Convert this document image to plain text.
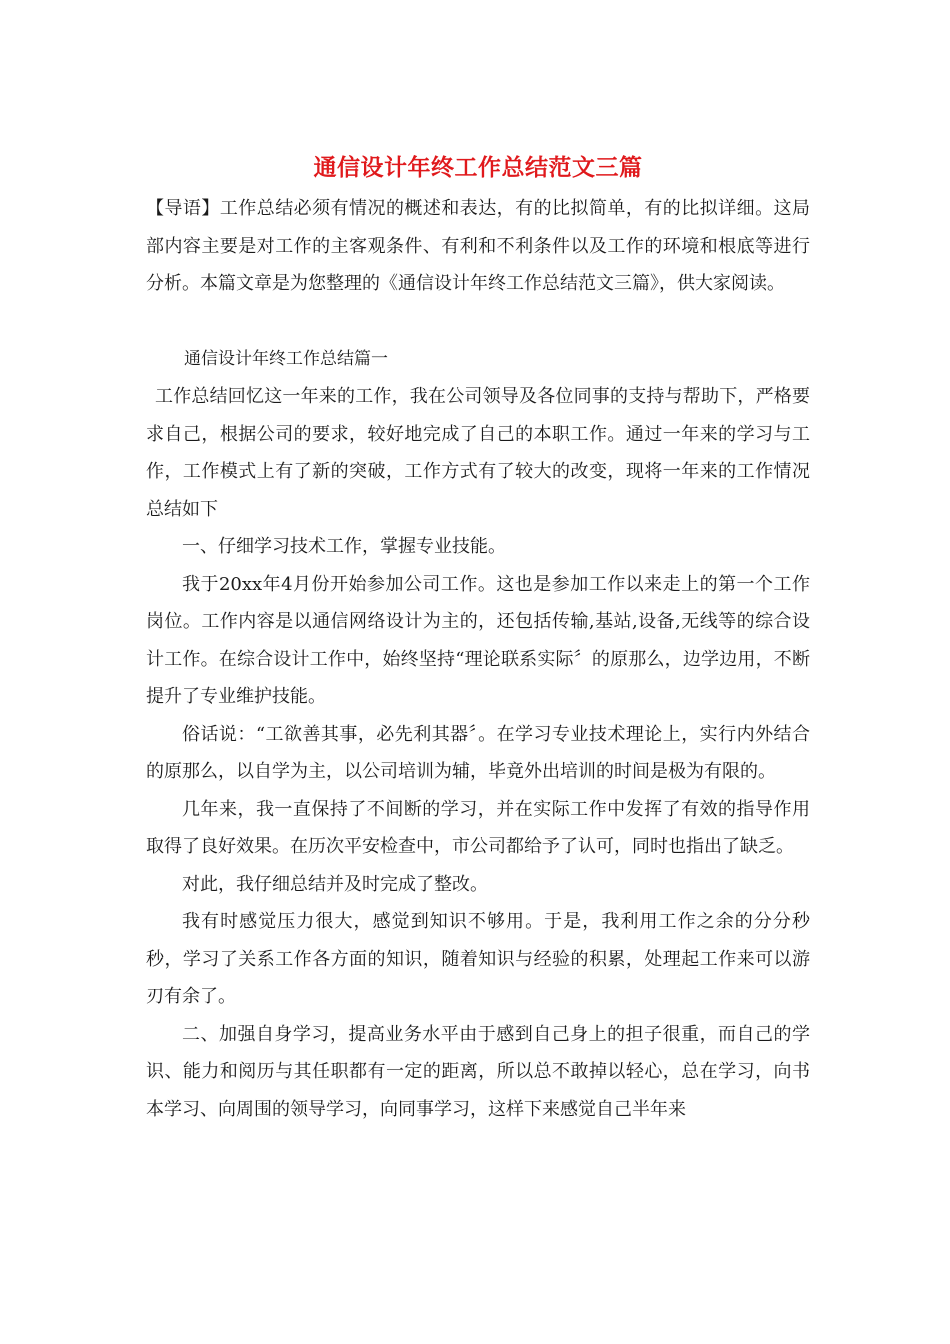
通信设计年终工作总结范文三篇

【导语】工作总结必须有情况的概述和表达，有的比拟简单，有的比拟详细。这局部内容主要是对工作的主客观条件、有利和不利条件以及工作的环境和根底等进行分析。本篇文章是为您整理的《通信设计年终工作总结范文三篇》，供大家阅读。

通信设计年终工作总结篇一

工作总结回忆这一年来的工作，我在公司领导及各位同事的支持与帮助下，严格要求自己，根据公司的要求，较好地完成了自己的本职工作。通过一年来的学习与工作，工作模式上有了新的突破，工作方式有了较大的改变，现将一年来的工作情况总结如下

一、仔细学习技术工作，掌握专业技能。

我于20xx年4月份开始参加公司工作。这也是参加工作以来走上的第一个工作岗位。工作内容是以通信网络设计为主的，还包括传输,基站,设备,无线等的综合设计工作。在综合设计工作中，始终坚持“理论联系实际〞的原那么，边学边用，不断提升了专业维护技能。

俗话说：“工欲善其事，必先利其器〞。在学习专业技术理论上，实行内外结合的原那么，以自学为主，以公司培训为辅，毕竟外出培训的时间是极为有限的。

几年来，我一直保持了不间断的学习，并在实际工作中发挥了有效的指导作用取得了良好效果。在历次平安检查中，市公司都给予了认可，同时也指出了缺乏。

对此，我仔细总结并及时完成了整改。

我有时感觉压力很大，感觉到知识不够用。于是，我利用工作之余的分分秒秒，学习了关系工作各方面的知识，随着知识与经验的积累，处理起工作来可以游刃有余了。

二、加强自身学习，提高业务水平由于感到自己身上的担子很重，而自己的学识、能力和阅历与其任职都有一定的距离，所以总不敢掉以轻心，总在学习，向书本学习、向周围的领导学习，向同事学习，这样下来感觉自己半年来
